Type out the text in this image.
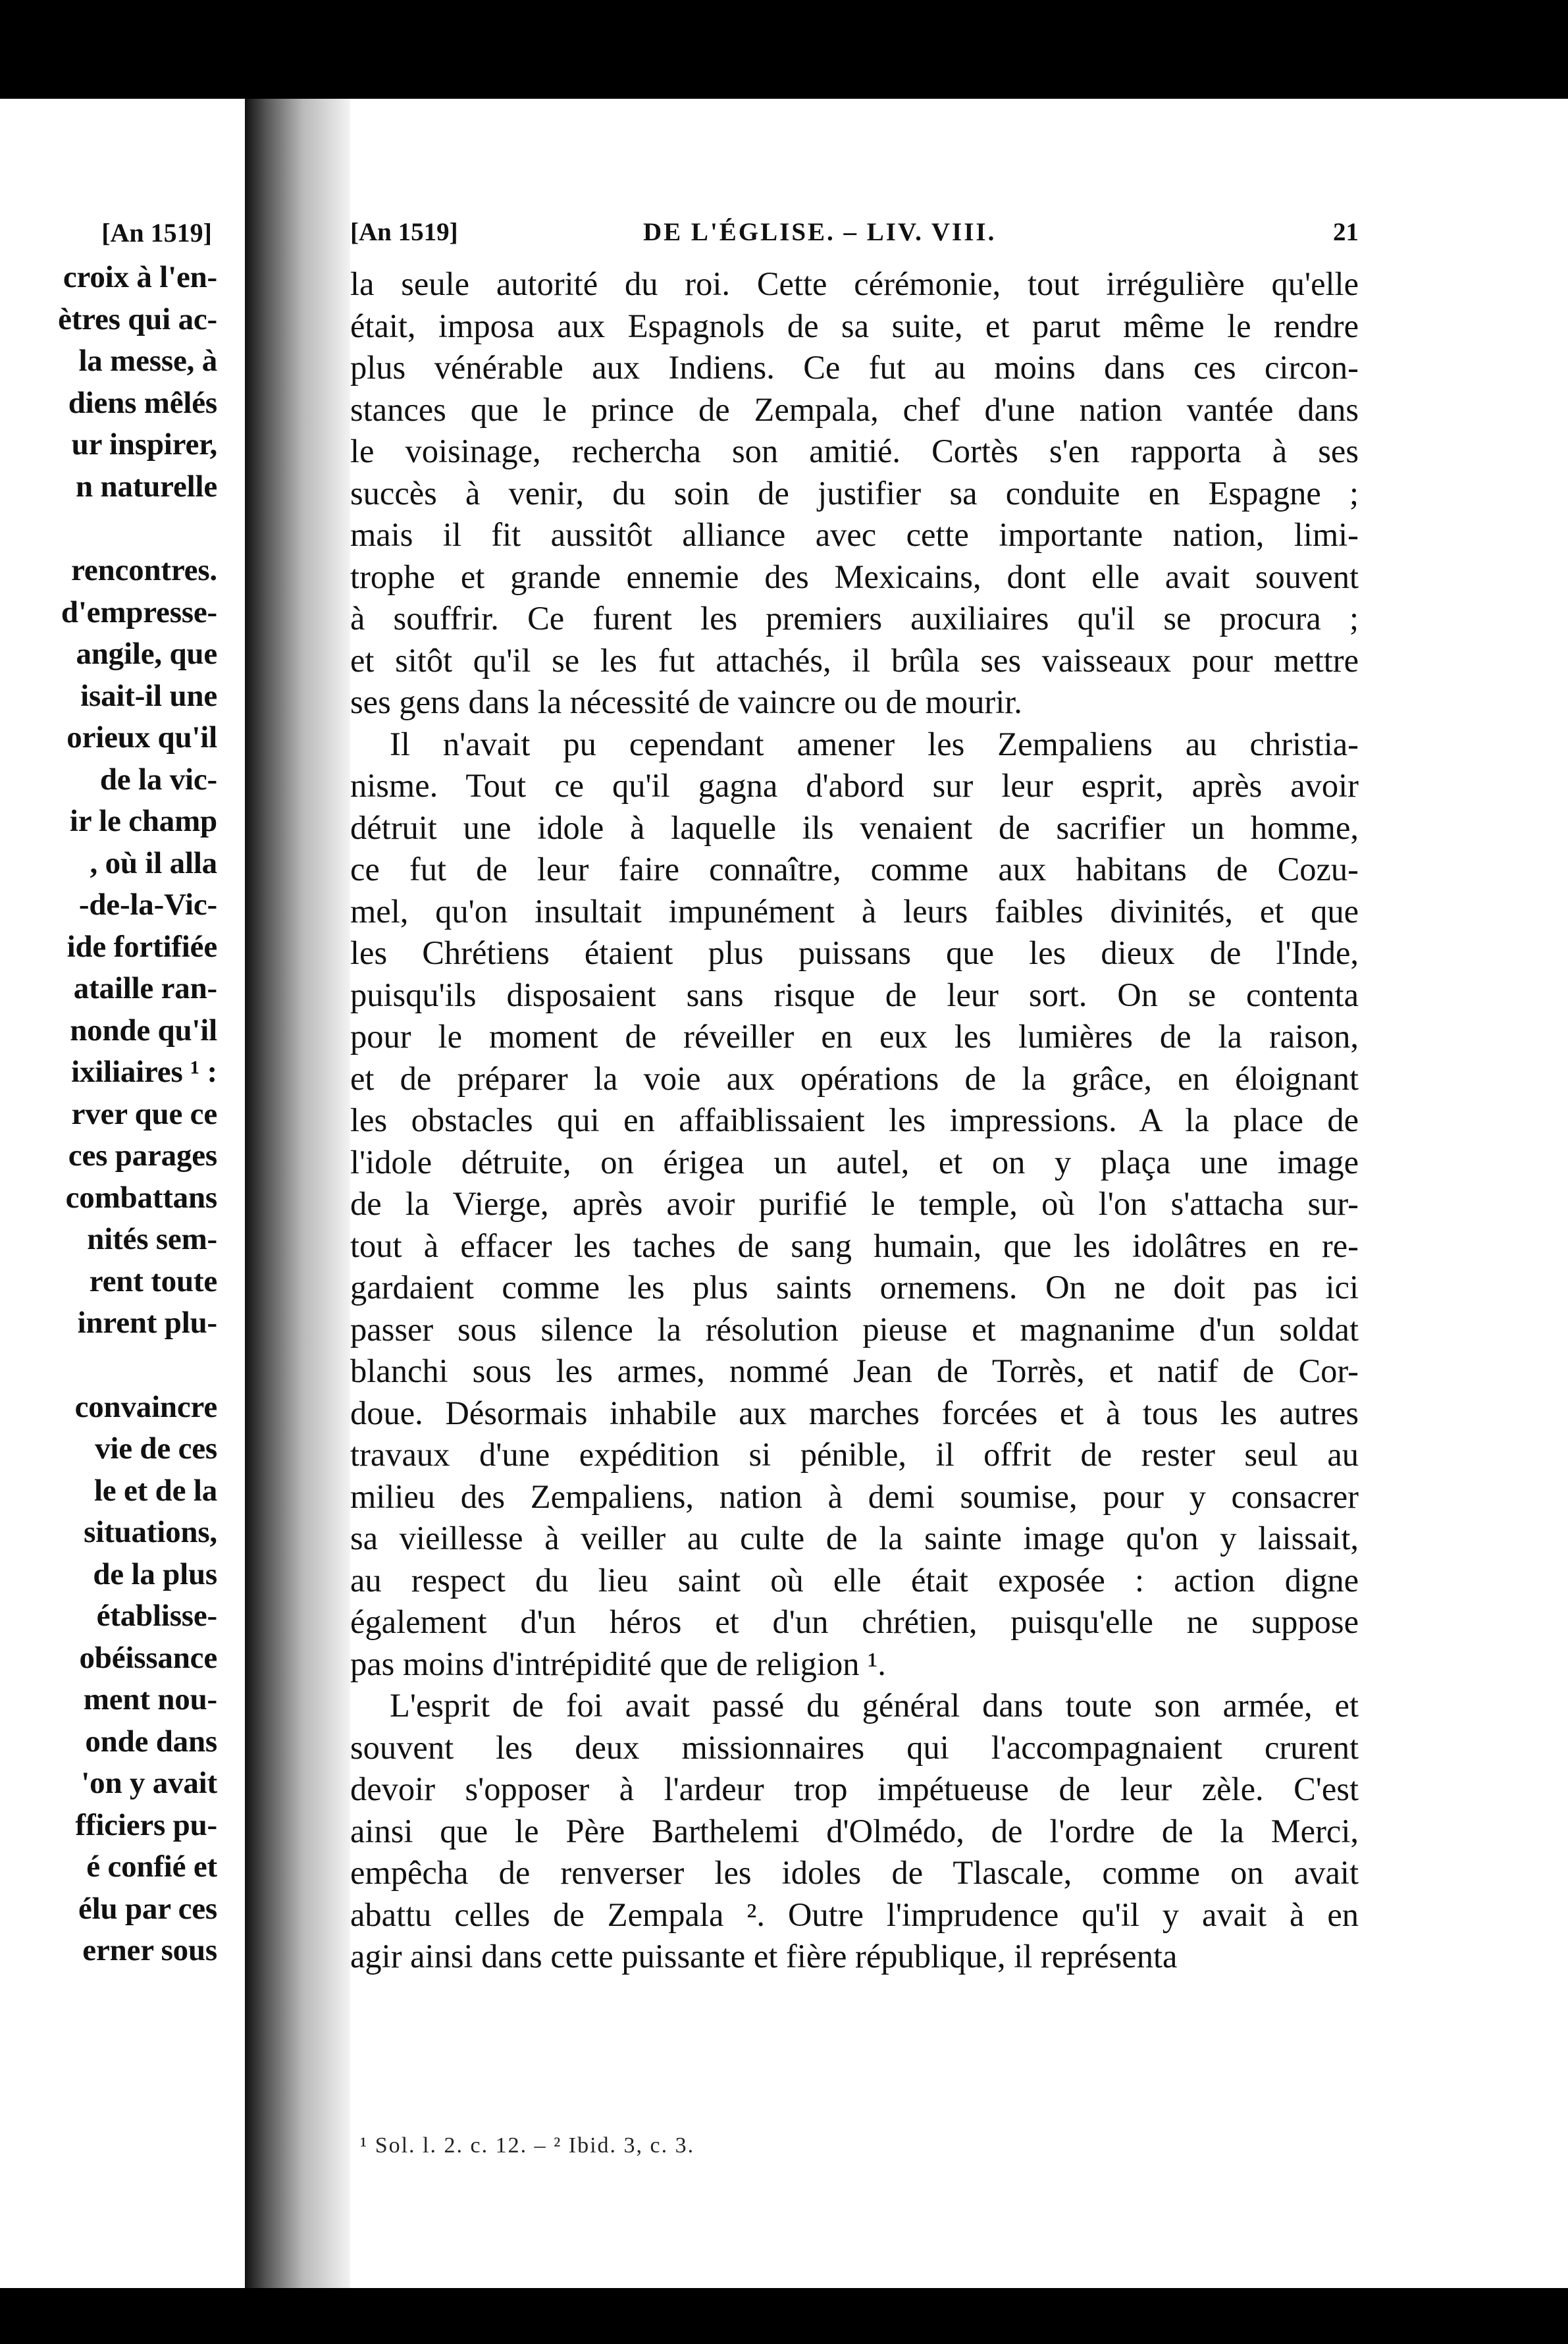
[An 1519]
croix à l'en-
ètres qui ac-
la messe, à
diens mêlés
ur inspirer,
n naturelle

rencontres.
d'empresse-
angile, que
isait-il une
orieux qu'il
de la vic-
ir le champ
, où il alla
-de-la-Vic-
ide fortifiée
ataille ran-
nonde qu'il
ixiliaires ¹ :
rver que ce
ces parages
combattans
nités sem-
rent toute
inrent plu-

convaincre
vie de ces
le et de la
situations,
de la plus
établisse-
obéissance
ment nou-
onde dans
'on y avait
fficiers pu-
é confié et
élu par ces
erner sous
[An 1519]	DE L'ÉGLISE. – LIV. VIII.	21
la seule autorité du roi. Cette cérémonie, tout irrégulière qu'elle
était, imposa aux Espagnols de sa suite, et parut même le rendre
plus vénérable aux Indiens. Ce fut au moins dans ces circon-
stances que le prince de Zempala, chef d'une nation vantée dans
le voisinage, rechercha son amitié. Cortès s'en rapporta à ses
succès à venir, du soin de justifier sa conduite en Espagne ;
mais il fit aussitôt alliance avec cette importante nation, limi-
trophe et grande ennemie des Mexicains, dont elle avait souvent
à souffrir. Ce furent les premiers auxiliaires qu'il se procura ;
et sitôt qu'il se les fut attachés, il brûla ses vaisseaux pour mettre
ses gens dans la nécessité de vaincre ou de mourir.
Il n'avait pu cependant amener les Zempaliens au christia-
nisme. Tout ce qu'il gagna d'abord sur leur esprit, après avoir
détruit une idole à laquelle ils venaient de sacrifier un homme,
ce fut de leur faire connaître, comme aux habitans de Cozu-
mel, qu'on insultait impunément à leurs faibles divinités, et que
les Chrétiens étaient plus puissans que les dieux de l'Inde,
puisqu'ils disposaient sans risque de leur sort. On se contenta
pour le moment de réveiller en eux les lumières de la raison,
et de préparer la voie aux opérations de la grâce, en éloignant
les obstacles qui en affaiblissaient les impressions. A la place de
l'idole détruite, on érigea un autel, et on y plaça une image
de la Vierge, après avoir purifié le temple, où l'on s'attacha sur-
tout à effacer les taches de sang humain, que les idolâtres en re-
gardaient comme les plus saints ornemens. On ne doit pas ici
passer sous silence la résolution pieuse et magnanime d'un soldat
blanchi sous les armes, nommé Jean de Torrès, et natif de Cor-
doue. Désormais inhabile aux marches forcées et à tous les autres
travaux d'une expédition si pénible, il offrit de rester seul au
milieu des Zempaliens, nation à demi soumise, pour y consacrer
sa vieillesse à veiller au culte de la sainte image qu'on y laissait,
au respect du lieu saint où elle était exposée : action digne
également d'un héros et d'un chrétien, puisqu'elle ne suppose
pas moins d'intrépidité que de religion ¹.
L'esprit de foi avait passé du général dans toute son armée, et
souvent les deux missionnaires qui l'accompagnaient crurent
devoir s'opposer à l'ardeur trop impétueuse de leur zèle. C'est
ainsi que le Père Barthelemi d'Olmédo, de l'ordre de la Merci,
empêcha de renverser les idoles de Tlascale, comme on avait
abattu celles de Zempala ². Outre l'imprudence qu'il y avait à en
agir ainsi dans cette puissante et fière république, il représenta
¹ Sol. l. 2. c. 12. – ² Ibid. 3, c. 3.
